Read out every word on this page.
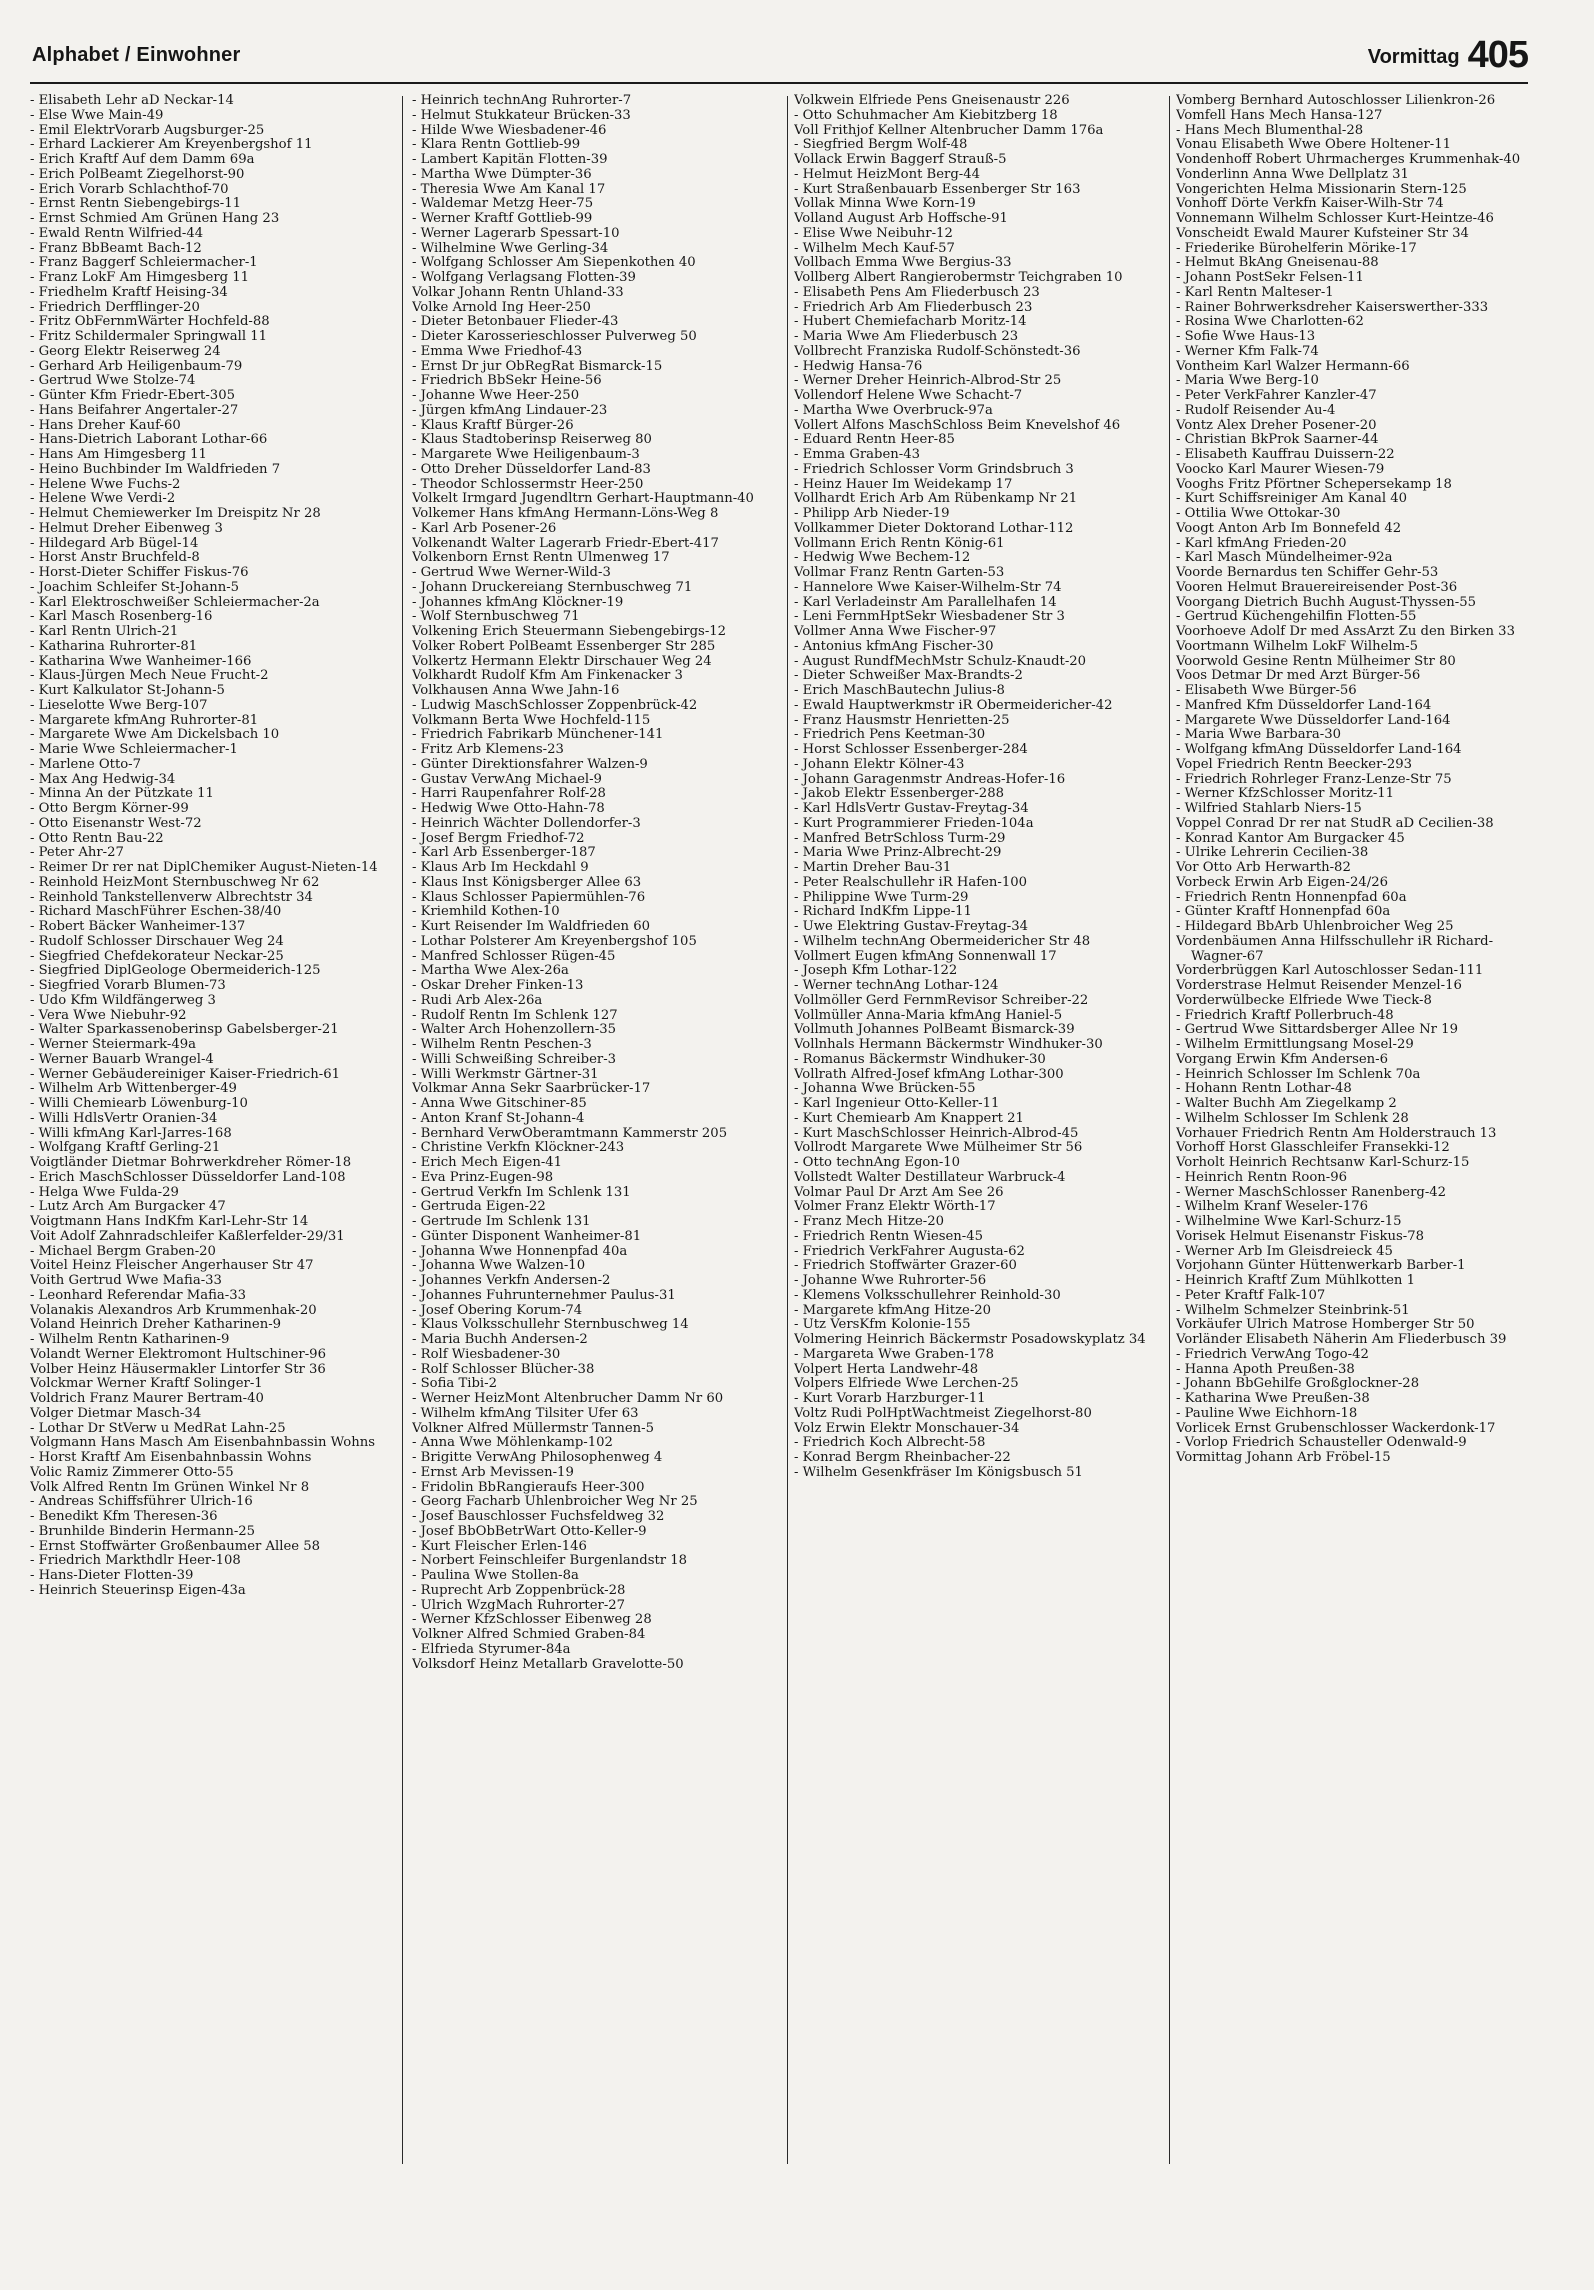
Alphabet / Einwohner	Vormittag 405

- Elisabeth Lehr aD Neckar-14

- Else Wwe Main-49

- Emil ElektrVorarb Augsburger-25

- Erhard Lackierer Am Kreyenbergshof 11

- Erich Kraftf Auf dem Damm 69a

- Erich PolBeamt Ziegelhorst-90

- Erich Vorarb Schlachthof-70

- Ernst Rentn Siebengebirgs-11

- Ernst Schmied Am Grünen Hang 23

- Ewald Rentn Wilfried-44

- Franz BbBeamt Bach-12

- Franz Baggerf Schleiermacher-1

- Franz LokF Am Himgesberg 11

- Friedhelm Kraftf Heising-34

- Friedrich Derfflinger-20

- Fritz ObFernmWärter Hochfeld-88

- Fritz Schildermaler Springwall 11

- Georg Elektr Reiserweg 24

- Gerhard Arb Heiligenbaum-79

- Gertrud Wwe Stolze-74

- Günter Kfm Friedr-Ebert-305

- Hans Beifahrer Angertaler-27

- Hans Dreher Kauf-60

- Hans-Dietrich Laborant Lothar-66

- Hans Am Himgesberg 11

- Heino Buchbinder Im Waldfrieden 7

- Helene Wwe Fuchs-2

- Helene Wwe Verdi-2

- Helmut Chemiewerker Im Dreispitz Nr 28

- Helmut Dreher Eibenweg 3

- Hildegard Arb Bügel-14

- Horst Anstr Bruchfeld-8

- Horst-Dieter Schiffer Fiskus-76

- Joachim Schleifer St-Johann-5

- Karl Elektroschweißer Schleiermacher-2a

- Karl Masch Rosenberg-16

- Karl Rentn Ulrich-21

- Katharina Ruhrorter-81

- Katharina Wwe Wanheimer-166

- Klaus-Jürgen Mech Neue Frucht-2

- Kurt Kalkulator St-Johann-5

- Lieselotte Wwe Berg-107

- Margarete kfmAng Ruhrorter-81

- Margarete Wwe Am Dickelsbach 10

- Marie Wwe Schleiermacher-1

- Marlene Otto-7

- Max Ang Hedwig-34

- Minna An der Pützkate 11

- Otto Bergm Körner-99

- Otto Eisenanstr West-72

- Otto Rentn Bau-22

- Peter Ahr-27

- Reimer Dr rer nat DiplChemiker August-Nieten-14

- Reinhold HeizMont Sternbuschweg Nr 62

- Reinhold Tankstellenverw Albrechtstr 34

- Richard MaschFührer Eschen-38/40

- Robert Bäcker Wanheimer-137

- Rudolf Schlosser Dirschauer Weg 24

- Siegfried Chefdekorateur Neckar-25

- Siegfried DiplGeologe Obermeiderich-125

- Siegfried Vorarb Blumen-73

- Udo Kfm Wildfängerweg 3

- Vera Wwe Niebuhr-92

- Walter Sparkassenoberinsp Gabelsberger-21

- Werner Steiermark-49a

- Werner Bauarb Wrangel-4

- Werner Gebäudereiniger Kaiser-Friedrich-61

- Wilhelm Arb Wittenberger-49

- Willi Chemiearb Löwenburg-10

- Willi HdlsVertr Oranien-34

- Willi kfmAng Karl-Jarres-168

- Wolfgang Kraftf Gerling-21

Voigtländer Dietmar Bohrwerkdreher Römer-18

- Erich MaschSchlosser Düsseldorfer Land-108

- Helga Wwe Fulda-29

- Lutz Arch Am Burgacker 47

Voigtmann Hans IndKfm Karl-Lehr-Str 14

Voit Adolf Zahnradschleifer Kaßlerfelder-29/31

- Michael Bergm Graben-20

Voitel Heinz Fleischer Angerhauser Str 47

Voith Gertrud Wwe Mafia-33

- Leonhard Referendar Mafia-33

Volanakis Alexandros Arb Krummenhak-20

Voland Heinrich Dreher Katharinen-9

- Wilhelm Rentn Katharinen-9

Volandt Werner Elektromont Hultschiner-96

Volber Heinz Häusermakler Lintorfer Str 36

Volckmar Werner Kraftf Solinger-1

Voldrich Franz Maurer Bertram-40

Volger Dietmar Masch-34

- Lothar Dr StVerw u MedRat Lahn-25

Volgmann Hans Masch Am Eisenbahnbassin Wohns

- Horst Kraftf Am Eisenbahnbassin Wohns

Volic Ramiz Zimmerer Otto-55

Volk Alfred Rentn Im Grünen Winkel Nr 8

- Andreas Schiffsführer Ulrich-16

- Benedikt Kfm Theresen-36

- Brunhilde Binderin Hermann-25

- Ernst Stoffwärter Großenbaumer Allee 58

- Friedrich Markthdlr Heer-108

- Hans-Dieter Flotten-39

- Heinrich Steuerinsp Eigen-43a

- Heinrich technAng Ruhrorter-7

- Helmut Stukkateur Brücken-33

- Hilde Wwe Wiesbadener-46

- Klara Rentn Gottlieb-99

- Lambert Kapitän Flotten-39

- Martha Wwe Dümpter-36

- Theresia Wwe Am Kanal 17

- Waldemar Metzg Heer-75

- Werner Kraftf Gottlieb-99

- Werner Lagerarb Spessart-10

- Wilhelmine Wwe Gerling-34

- Wolfgang Schlosser Am Siepenkothen 40

- Wolfgang Verlagsang Flotten-39

Volkar Johann Rentn Uhland-33

Volke Arnold Ing Heer-250

- Dieter Betonbauer Flieder-43

- Dieter Karosserieschlosser Pulverweg 50

- Emma Wwe Friedhof-43

- Ernst Dr jur ObRegRat Bismarck-15

- Friedrich BbSekr Heine-56

- Johanne Wwe Heer-250

- Jürgen kfmAng Lindauer-23

- Klaus Kraftf Bürger-26

- Klaus Stadtoberinsp Reiserweg 80

- Margarete Wwe Heiligenbaum-3

- Otto Dreher Düsseldorfer Land-83

- Theodor Schlossermstr Heer-250

Volkelt Irmgard Jugendltrn Gerhart-Hauptmann-40

Volkemer Hans kfmAng Hermann-Löns-Weg 8

- Karl Arb Posener-26

Volkenandt Walter Lagerarb Friedr-Ebert-417

Volkenborn Ernst Rentn Ulmenweg 17

- Gertrud Wwe Werner-Wild-3

- Johann Druckereiang Sternbuschweg 71

- Johannes kfmAng Klöckner-19

- Wolf Sternbuschweg 71

Volkening Erich Steuermann Siebengebirgs-12

Volker Robert PolBeamt Essenberger Str 285

Volkertz Hermann Elektr Dirschauer Weg 24

Volkhardt Rudolf Kfm Am Finkenacker 3

Volkhausen Anna Wwe Jahn-16

- Ludwig MaschSchlosser Zoppenbrück-42

Volkmann Berta Wwe Hochfeld-115

- Friedrich Fabrikarb Münchener-141

- Fritz Arb Klemens-23

- Günter Direktionsfahrer Walzen-9

- Gustav VerwAng Michael-9

- Harri Raupenfahrer Rolf-28

- Hedwig Wwe Otto-Hahn-78

- Heinrich Wächter Dollendorfer-3

- Josef Bergm Friedhof-72

- Karl Arb Essenberger-187

- Klaus Arb Im Heckdahl 9

- Klaus Inst Königsberger Allee 63

- Klaus Schlosser Papiermühlen-76

- Kriemhild Kothen-10

- Kurt Reisender Im Waldfrieden 60

- Lothar Polsterer Am Kreyenbergshof 105

- Manfred Schlosser Rügen-45

- Martha Wwe Alex-26a

- Oskar Dreher Finken-13

- Rudi Arb Alex-26a

- Rudolf Rentn Im Schlenk 127

- Walter Arch Hohenzollern-35

- Wilhelm Rentn Peschen-3

- Willi Schweißing Schreiber-3

- Willi Werkmstr Gärtner-31

Volkmar Anna Sekr Saarbrücker-17

- Anna Wwe Gitschiner-85

- Anton Kranf St-Johann-4

- Bernhard VerwOberamtmann Kammerstr 205

- Christine Verkfn Klöckner-243

- Erich Mech Eigen-41

- Eva Prinz-Eugen-98

- Gertrud Verkfn Im Schlenk 131

- Gertruda Eigen-22

- Gertrude Im Schlenk 131

- Günter Disponent Wanheimer-81

- Johanna Wwe Honnenpfad 40a

- Johanna Wwe Walzen-10

- Johannes Verkfn Andersen-2

- Johannes Fuhrunternehmer Paulus-31

- Josef Obering Korum-74

- Klaus Volksschullehr Sternbuschweg 14

- Maria Buchh Andersen-2

- Rolf Wiesbadener-30

- Rolf Schlosser Blücher-38

- Sofia Tibi-2

- Werner HeizMont Altenbrucher Damm Nr 60

- Wilhelm kfmAng Tilsiter Ufer 63

Volkner Alfred Müllermstr Tannen-5

- Anna Wwe Möhlenkamp-102

- Brigitte VerwAng Philosophenweg 4

- Ernst Arb Mevissen-19

- Fridolin BbRangieraufs Heer-300

- Georg Facharb Uhlenbroicher Weg Nr 25

- Josef Bauschlosser Fuchsfeldweg 32

- Josef BbObBetrWart Otto-Keller-9

- Kurt Fleischer Erlen-146

- Norbert Feinschleifer Burgenlandstr 18

- Paulina Wwe Stollen-8a

- Ruprecht Arb Zoppenbrück-28

- Ulrich WzgMach Ruhrorter-27

- Werner KfzSchlosser Eibenweg 28

Volkner Alfred Schmied Graben-84

- Elfrieda Styrumer-84a

Volksdorf Heinz Metallarb Gravelotte-50

Volkwein Elfriede Pens Gneisenaustr 226

- Otto Schuhmacher Am Kiebitzberg 18

Voll Frithjof Kellner Altenbrucher Damm 176a

- Siegfried Bergm Wolf-48

Vollack Erwin Baggerf Strauß-5

- Helmut HeizMont Berg-44

- Kurt Straßenbauarb Essenberger Str 163

Vollak Minna Wwe Korn-19

Volland August Arb Hoffsche-91

- Elise Wwe Neibuhr-12

- Wilhelm Mech Kauf-57

Vollbach Emma Wwe Bergius-33

Vollberg Albert Rangierobermstr Teichgraben 10

- Elisabeth Pens Am Fliederbusch 23

- Friedrich Arb Am Fliederbusch 23

- Hubert Chemiefacharb Moritz-14

- Maria Wwe Am Fliederbusch 23

Vollbrecht Franziska Rudolf-Schönstedt-36

- Hedwig Hansa-76

- Werner Dreher Heinrich-Albrod-Str 25

Vollendorf Helene Wwe Schacht-7

- Martha Wwe Overbruck-97a

Vollert Alfons MaschSchloss Beim Knevelshof 46

- Eduard Rentn Heer-85

- Emma Graben-43

- Friedrich Schlosser Vorm Grindsbruch 3

- Heinz Hauer Im Weidekamp 17

Vollhardt Erich Arb Am Rübenkamp Nr 21

- Philipp Arb Nieder-19

Vollkammer Dieter Doktorand Lothar-112

Vollmann Erich Rentn König-61

- Hedwig Wwe Bechem-12

Vollmar Franz Rentn Garten-53

- Hannelore Wwe Kaiser-Wilhelm-Str 74

- Karl Verladeinstr Am Parallelhafen 14

- Leni FernmHptSekr Wiesbadener Str 3

Vollmer Anna Wwe Fischer-97

- Antonius kfmAng Fischer-30

- August RundfMechMstr Schulz-Knaudt-20

- Dieter Schweißer Max-Brandts-2

- Erich MaschBautechn Julius-8

- Ewald Hauptwerkmstr iR Obermeidericher-42

- Franz Hausmstr Henrietten-25

- Friedrich Pens Keetman-30

- Horst Schlosser Essenberger-284

- Johann Elektr Kölner-43

- Johann Garagenmstr Andreas-Hofer-16

- Jakob Elektr Essenberger-288

- Karl HdlsVertr Gustav-Freytag-34

- Kurt Programmierer Frieden-104a

- Manfred BetrSchloss Turm-29

- Maria Wwe Prinz-Albrecht-29

- Martin Dreher Bau-31

- Peter Realschullehr iR Hafen-100

- Philippine Wwe Turm-29

- Richard IndKfm Lippe-11

- Uwe Elektring Gustav-Freytag-34

- Wilhelm technAng Obermeidericher Str 48

Vollmert Eugen kfmAng Sonnenwall 17

- Joseph Kfm Lothar-122

- Werner technAng Lothar-124

Vollmöller Gerd FernmRevisor Schreiber-22

Vollmüller Anna-Maria kfmAng Haniel-5

Vollmuth Johannes PolBeamt Bismarck-39

Vollnhals Hermann Bäckermstr Windhuker-30

- Romanus Bäckermstr Windhuker-30

Vollrath Alfred-Josef kfmAng Lothar-300

- Johanna Wwe Brücken-55

- Karl Ingenieur Otto-Keller-11

- Kurt Chemiearb Am Knappert 21

- Kurt MaschSchlosser Heinrich-Albrod-45

Vollrodt Margarete Wwe Mülheimer Str 56

- Otto technAng Egon-10

Vollstedt Walter Destillateur Warbruck-4

Volmar Paul Dr Arzt Am See 26

Volmer Franz Elektr Wörth-17

- Franz Mech Hitze-20

- Friedrich Rentn Wiesen-45

- Friedrich VerkFahrer Augusta-62

- Friedrich Stoffwärter Grazer-60

- Johanne Wwe Ruhrorter-56

- Klemens Volksschullehrer Reinhold-30

- Margarete kfmAng Hitze-20

- Utz VersKfm Kolonie-155

Volmering Heinrich Bäckermstr Posadowskyplatz 34

- Margareta Wwe Graben-178

Volpert Herta Landwehr-48

Volpers Elfriede Wwe Lerchen-25

- Kurt Vorarb Harzburger-11

Voltz Rudi PolHptWachtmeist Ziegelhorst-80

Volz Erwin Elektr Monschauer-34

- Friedrich Koch Albrecht-58

- Konrad Bergm Rheinbacher-22

- Wilhelm Gesenkfräser Im Königsbusch 51

Vomberg Bernhard Autoschlosser Lilienkron-26

Vomfell Hans Mech Hansa-127

- Hans Mech Blumenthal-28

Vonau Elisabeth Wwe Obere Holtener-11

Vondenhoff Robert Uhrmacherges Krummenhak-40

Vonderlinn Anna Wwe Dellplatz 31

Vongerichten Helma Missionarin Stern-125

Vonhoff Dörte Verkfn Kaiser-Wilh-Str 74

Vonnemann Wilhelm Schlosser Kurt-Heintze-46

Vonscheidt Ewald Maurer Kufsteiner Str 34

- Friederike Bürohelferin Mörike-17

- Helmut BkAng Gneisenau-88

- Johann PostSekr Felsen-11

- Karl Rentn Malteser-1

- Rainer Bohrwerksdreher Kaiserswerther-333

- Rosina Wwe Charlotten-62

- Sofie Wwe Haus-13

- Werner Kfm Falk-74

Vontheim Karl Walzer Hermann-66

- Maria Wwe Berg-10

- Peter VerkFahrer Kanzler-47

- Rudolf Reisender Au-4

Vontz Alex Dreher Posener-20

- Christian BkProk Saarner-44

- Elisabeth Kauffrau Duissern-22

Voocko Karl Maurer Wiesen-79

Vooghs Fritz Pförtner Schepersekamp 18

- Kurt Schiffsreiniger Am Kanal 40

- Ottilia Wwe Ottokar-30

Voogt Anton Arb Im Bonnefeld 42

- Karl kfmAng Frieden-20

- Karl Masch Mündelheimer-92a

Voorde Bernardus ten Schiffer Gehr-53

Vooren Helmut Brauereireisender Post-36

Voorgang Dietrich Buchh August-Thyssen-55

- Gertrud Küchengehilfin Flotten-55

Voorhoeve Adolf Dr med AssArzt Zu den Birken 33

Voortmann Wilhelm LokF Wilhelm-5

Voorwold Gesine Rentn Mülheimer Str 80

Voos Detmar Dr med Arzt Bürger-56

- Elisabeth Wwe Bürger-56

- Manfred Kfm Düsseldorfer Land-164

- Margarete Wwe Düsseldorfer Land-164

- Maria Wwe Barbara-30

- Wolfgang kfmAng Düsseldorfer Land-164

Vopel Friedrich Rentn Beecker-293

- Friedrich Rohrleger Franz-Lenze-Str 75

- Werner KfzSchlosser Moritz-11

- Wilfried Stahlarb Niers-15

Voppel Conrad Dr rer nat StudR aD Cecilien-38

- Konrad Kantor Am Burgacker 45

- Ulrike Lehrerin Cecilien-38

Vor Otto Arb Herwarth-82

Vorbeck Erwin Arb Eigen-24/26

- Friedrich Rentn Honnenpfad 60a

- Günter Kraftf Honnenpfad 60a

- Hildegard BbArb Uhlenbroicher Weg 25

Vordenbäumen Anna Hilfsschullehr iR Richard-Wagner-67

Vorderbrüggen Karl Autoschlosser Sedan-111

Vorderstrase Helmut Reisender Menzel-16

Vorderwülbecke Elfriede Wwe Tieck-8

- Friedrich Kraftf Pollerbruch-48

- Gertrud Wwe Sittardsberger Allee Nr 19

- Wilhelm Ermittlungsang Mosel-29

Vorgang Erwin Kfm Andersen-6

- Heinrich Schlosser Im Schlenk 70a

- Hohann Rentn Lothar-48

- Walter Buchh Am Ziegelkamp 2

- Wilhelm Schlosser Im Schlenk 28

Vorhauer Friedrich Rentn Am Holderstrauch 13

Vorhoff Horst Glasschleifer Fransekki-12

Vorholt Heinrich Rechtsanw Karl-Schurz-15

- Heinrich Rentn Roon-96

- Werner MaschSchlosser Ranenberg-42

- Wilhelm Kranf Weseler-176

- Wilhelmine Wwe Karl-Schurz-15

Vorisek Helmut Eisenanstr Fiskus-78

- Werner Arb Im Gleisdreieck 45

Vorjohann Günter Hüttenwerkarb Barber-1

- Heinrich Kraftf Zum Mühlkotten 1

- Peter Kraftf Falk-107

- Wilhelm Schmelzer Steinbrink-51

Vorkäufer Ulrich Matrose Homberger Str 50

Vorländer Elisabeth Näherin Am Fliederbusch 39

- Friedrich VerwAng Togo-42

- Hanna Apoth Preußen-38

- Johann BbGehilfe Großglockner-28

- Katharina Wwe Preußen-38

- Pauline Wwe Eichhorn-18

Vorlicek Ernst Grubenschlosser Wackerdonk-17

- Vorlop Friedrich Schausteller Odenwald-9

Vormittag Johann Arb Fröbel-15
